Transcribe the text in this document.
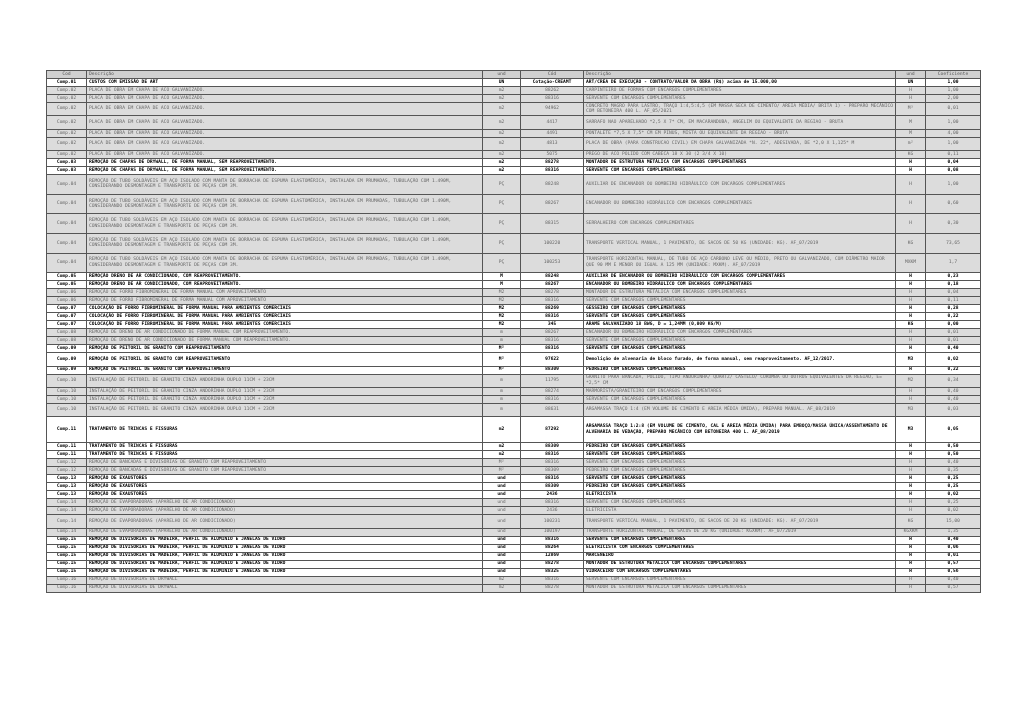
Cod	Descrição	und	Cód	Descrição	und	Coeficiente
Comp.01	CUSTOS COM EMISSÃO DE ART	UN	Cotação-CREAMT	ART/CREA DE EXECUÇÃO - CONTRATO/VALOR DA OBRA (R$) acima de 15.000,00	UN	1,00
Comp.02	PLACA DE OBRA EM CHAPA DE ACO GALVANIZADO.	m2	88262	CARPINTEIRO DE FORMAS COM ENCARGOS COMPLEMENTARES	H	1,00
Comp.02	PLACA DE OBRA EM CHAPA DE ACO GALVANIZADO.	m2	88316	SERVENTE COM ENCARGOS COMPLEMENTARES	H	2,00
Comp.02	PLACA DE OBRA EM CHAPA DE ACO GALVANIZADO.	m2	94962	CONCRETO MAGRO PARA LASTRO, TRAÇO 1:4,5:4,5 (EM MASSA SECA DE CIMENTO/ AREIA MÉDIA/ BRITA 1) - PREPARO MECÂNICO COM BETONEIRA 400 L. AF_05/2021	M³	0,01
Comp.02	PLACA DE OBRA EM CHAPA DE ACO GALVANIZADO.	m2	4417	SARRAFO NAO APARELHADO *2,5 X 7* CM, EM MACARANDUBA, ANGELIM OU EQUIVALENTE DA REGIAO - BRUTA	M	1,00
Comp.02	PLACA DE OBRA EM CHAPA DE ACO GALVANIZADO.	m2	4491	PONTALETE *7,5 X 7,5* CM EM PINUS, MISTA OU EQUIVALENTE DA REGIAO - BRUTA	M	4,00
Comp.02	PLACA DE OBRA EM CHAPA DE ACO GALVANIZADO.	m2	4813	PLACA DE OBRA (PARA CONSTRUCAO CIVIL) EM CHAPA GALVANIZADA *N. 22*, ADESIVADA, DE *2,0 X 1,125* M	m²	1,00
Comp.02	PLACA DE OBRA EM CHAPA DE ACO GALVANIZADO.	m2	5075	PREGO DE ACO POLIDO COM CABECA 18 X 30 (2 3/4 X 10)	KG	0,11
Comp.03	REMOÇÃO DE CHAPAS DE DRYWALL, DE FORMA MANUAL, SEM REAPROVEITAMENTO.	m2	88278	MONTADOR DE ESTRUTURA METÁLICA COM ENCARGOS COMPLEMENTARES	H	0,04
Comp.03	REMOÇÃO DE CHAPAS DE DRYWALL, DE FORMA MANUAL, SEM REAPROVEITAMENTO.	m2	88316	SERVENTE COM ENCARGOS COMPLEMENTARES	H	0,08
Comp.04	REMOÇÃO DE TUBO SOLDÁVEIS EM AÇO ISOLADO COM MANTA DE BORRACHA DE ESPUMA ELASTOMÉRICA, INSTALADA EM PRUMADAS, TUBULAÇÃO COM 1.490M, CONSIDERANDO DESMONTAGEM E TRANSPORTE DE PEÇAS COM 3M.	PÇ	88248	AUXILIAR DE ENCANADOR OU BOMBEIRO HIDRÁULICO COM ENCARGOS COMPLEMENTARES	H	1,00
Comp.04	REMOÇÃO DE TUBO SOLDÁVEIS EM AÇO ISOLADO COM MANTA DE BORRACHA DE ESPUMA ELASTOMÉRICA, INSTALADA EM PRUMADAS, TUBULAÇÃO COM 1.490M, CONSIDERANDO DESMONTAGEM E TRANSPORTE DE PEÇAS COM 3M.	PÇ	88267	ENCANADOR OU BOMBEIRO HIDRÁULICO COM ENCARGOS COMPLEMENTARES	H	0,60
Comp.04	REMOÇÃO DE TUBO SOLDÁVEIS EM AÇO ISOLADO COM MANTA DE BORRACHA DE ESPUMA ELASTOMÉRICA, INSTALADA EM PRUMADAS, TUBULAÇÃO COM 1.490M, CONSIDERANDO DESMONTAGEM E TRANSPORTE DE PEÇAS COM 3M.	PÇ	88315	SERRALHEIRO COM ENCARGOS COMPLEMENTARES	H	0,30
Comp.04	REMOÇÃO DE TUBO SOLDÁVEIS EM AÇO ISOLADO COM MANTA DE BORRACHA DE ESPUMA ELASTOMÉRICA, INSTALADA EM PRUMADAS, TUBULAÇÃO COM 1.490M, CONSIDERANDO DESMONTAGEM E TRANSPORTE DE PEÇAS COM 3M.	PÇ	100220	TRANSPORTE VERTICAL MANUAL, 1 PAVIMENTO, DE SACOS DE 50 KG (UNIDADE: KG). AF_07/2019	KG	73,65
Comp.04	REMOÇÃO DE TUBO SOLDÁVEIS EM AÇO ISOLADO COM MANTA DE BORRACHA DE ESPUMA ELASTOMÉRICA, INSTALADA EM PRUMADAS, TUBULAÇÃO COM 1.490M, CONSIDERANDO DESMONTAGEM E TRANSPORTE DE PEÇAS COM 3M.	PÇ	100253	TRANSPORTE HORIZONTAL MANUAL, DE TUBO DE AÇO CARBONO LEVE OU MÉDIO, PRETO OU GALVANIZADO, COM DIÂMETRO MAIOR QUE 90 MM E MENOR OU IGUAL A 125 MM (UNIDADE: MXKM). AF_07/2019	MXKM	1,7
Comp.05	REMOÇÃO DRENO DE AR CONDICIONADO, COM REAPROVEITAMENTO.	M	88248	AUXILIAR DE ENCANADOR OU BOMBEIRO HIDRÁULICO COM ENCARGOS COMPLEMENTARES	H	0,23
Comp.05	REMOÇÃO DRENO DE AR CONDICIONADO, COM REAPROVEITAMENTO.	M	88267	ENCANADOR OU BOMBEIRO HIDRÁULICO COM ENCARGOS COMPLEMENTARES	H	0,18
Comp.06	REMOÇÃO DE FORRO FIBROMINERAL DE FORMA MANUAL COM APROVEITAMENTO	M2	88278	MONTADOR DE ESTRUTURA METÁLICA COM ENCARGOS COMPLEMENTARES	H	0,04
Comp.06	REMOÇÃO DE FORRO FIBROMINERAL DE FORMA MANUAL COM APROVEITAMENTO	M2	88316	SERVENTE COM ENCARGOS COMPLEMENTARES	H	0,11
Comp.07	COLOCAÇÃO DE FORRO FIBROMINERAL DE FORMA MANUAL PARA AMBIENTES COMERCIAIS	M2	88269	GESSEIRO COM ENCARGOS COMPLEMENTARES	H	0,28
Comp.07	COLOCAÇÃO DE FORRO FIBROMINERAL DE FORMA MANUAL PARA AMBIENTES COMERCIAIS	M2	88316	SERVENTE COM ENCARGOS COMPLEMENTARES	H	0,22
Comp.07	COLOCAÇÃO DE FORRO FIBROMINERAL DE FORMA MANUAL PARA AMBIENTES COMERCIAIS	M2	345	ARAME GALVANIZADO 18 BWG, D = 1,24MM (0,009 KG/M)	KG	0,00
Comp.08	REMOÇÃO DE DRENO DE AR CONDICIONADO DE FORMA MANUAL COM REAPROVEITAMENTO.	m	88267	ENCANADOR OU BOMBEIRO HIDRÁULICO COM ENCARGOS COMPLEMENTARES	H	0,01
Comp.08	REMOÇÃO DE DRENO DE AR CONDICIONADO DE FORMA MANUAL COM REAPROVEITAMENTO.	m	88316	SERVENTE COM ENCARGOS COMPLEMENTARES	H	0,01
Comp.09	REMOÇÃO DE PEITORIL DE GRANITO COM REAPROVEITAMENTO	M²	88316	SERVENTE COM ENCARGOS COMPLEMENTARES	H	0,40
Comp.09	REMOÇÃO DE PEITORIL DE GRANITO COM REAPROVEITAMENTO	M²	97622	Demolição de alvenaria de bloco furado, de forma manual, sem reaproveitamento. AF_12/2017.	M3	0,02
Comp.09	REMOÇÃO DE PEITORIL DE GRANITO COM REAPROVEITAMENTO	M²	88309	PEDREIRO COM ENCARGOS COMPLEMENTARES	H	0,22
Comp.10	INSTALAÇÃO DE PEITORIL DE GRANITO CINZA ANDORINHA DUPLO 11CM + 23CM	m	11795	GRANITO PARA BANCADA, POLIDO, TIPO ANDORINHA/ QUARTZ/ CASTELO/ CORUMBA OU OUTROS EQUIVALENTES DA REGIAO, E= *2,5* CM	M2	0,34
Comp.10	INSTALAÇÃO DE PEITORIL DE GRANITO CINZA ANDORINHA DUPLO 11CM + 23CM	m	88274	MARMORISTA/GRANITEIRO COM ENCARGOS COMPLEMENTARES	H	0,40
Comp.10	INSTALAÇÃO DE PEITORIL DE GRANITO CINZA ANDORINHA DUPLO 11CM + 23CM	m	88316	SERVENTE COM ENCARGOS COMPLEMENTARES	H	0,40
Comp.10	INSTALAÇÃO DE PEITORIL DE GRANITO CINZA ANDORINHA DUPLO 11CM + 23CM	m	88631	ARGAMASSA TRAÇO 1:4 (EM VOLUME DE CIMENTO E AREIA MÉDIA ÚMIDA), PREPARO MANUAL. AF_08/2019	M3	0,03
Comp.11	TRATAMENTO DE TRINCAS E FISSURAS	m2	87292	ARGAMASSA TRAÇO 1:2:8 (EM VOLUME DE CIMENTO, CAL E AREIA MÉDIA ÚMIDA) PARA EMBOÇO/MASSA ÚNICA/ASSENTAMENTO DE ALVENARIA DE VEDAÇÃO, PREPARO MECÂNICO COM BETONEIRA 400 L. AF_08/2019	M3	0,05
Comp.11	TRATAMENTO DE TRINCAS E FISSURAS	m2	88309	PEDREIRO COM ENCARGOS COMPLEMENTARES	H	0,50
Comp.11	TRATAMENTO DE TRINCAS E FISSURAS	m2	88316	SERVENTE COM ENCARGOS COMPLEMENTARES	H	0,50
Comp.12	REMOÇÃO DE BANCADAS E DIVISÓRIAS DE GRANITO COM REAPROVEITAMENTO	M²	88316	SERVENTE COM ENCARGOS COMPLEMENTARES	H	0,40
Comp.12	REMOÇÃO DE BANCADAS E DIVISÓRIAS DE GRANITO COM REAPROVEITAMENTO	M²	88309	PEDREIRO COM ENCARGOS COMPLEMENTARES	H	0,35
Comp.13	REMOÇÃO DE EXAUSTORES	und	88316	SERVENTE COM ENCARGOS COMPLEMENTARES	H	0,25
Comp.13	REMOÇÃO DE EXAUSTORES	und	88309	PEDREIRO COM ENCARGOS COMPLEMENTARES	H	0,25
Comp.13	REMOÇÃO DE EXAUSTORES	und	2436	ELETRICISTA	H	0,02
Comp.14	REMOÇÃO DE EVAPORADORAS (APARELHO DE AR CONDICIONADO)	und	88316	SERVENTE COM ENCARGOS COMPLEMENTARES	H	0,25
Comp.14	REMOÇÃO DE EVAPORADORAS (APARELHO DE AR CONDICIONADO)	und	2436	ELETRICISTA	H	0,02
Comp.14	REMOÇÃO DE EVAPORADORAS (APARELHO DE AR CONDICIONADO)	und	100231	TRANSPORTE VERTICAL MANUAL, 1 PAVIMENTO, DE SACOS DE 20 KG (UNIDADE: KG). AF_07/2019	KG	15,00
Comp.14	REMOÇÃO DE EVAPORADORAS (APARELHO DE AR CONDICIONADO)	und	100197	TRANSPORTE HORIZONTAL MANUAL, DE SACOS DE 20 KG (UNIDADE: KGXKM). AF_07/2019	KGXKM	1,35
Comp.15	REMOÇÃO DE DIVISÓRIAS DE MADEIRA, PERFIL DE ALUMINIO E JANELAS DE VIDRO	und	88316	SERVENTE COM ENCARGOS COMPLEMENTARES	H	0,40
Comp.15	REMOÇÃO DE DIVISÓRIAS DE MADEIRA, PERFIL DE ALUMINIO E JANELAS DE VIDRO	und	88264	ELETRICISTA COM ENCARGOS COMPLEMENTARES	H	0,06
Comp.15	REMOÇÃO DE DIVISÓRIAS DE MADEIRA, PERFIL DE ALUMINIO E JANELAS DE VIDRO	und	12869	MARCENEIRO	H	0,01
Comp.15	REMOÇÃO DE DIVISÓRIAS DE MADEIRA, PERFIL DE ALUMINIO E JANELAS DE VIDRO	und	88278	MONTADOR DE ESTRUTURA METÁLICA COM ENCARGOS COMPLEMENTARES	H	0,57
Comp.15	REMOÇÃO DE DIVISÓRIAS DE MADEIRA, PERFIL DE ALUMINIO E JANELAS DE VIDRO	und	88325	VIDRACEIRO COM ENCARGOS COMPLEMENTARES	H	0,56
Comp.16	REMOÇÃO DE DIVISÓRIAS DE DRYWALL	m2	88316	SERVENTE COM ENCARGOS COMPLEMENTARES	H	0,40
Comp.16	REMOÇÃO DE DIVISÓRIAS DE DRYWALL	m2	88278	MONTADOR DE ESTRUTURA METÁLICA COM ENCARGOS COMPLEMENTARES	H	0,57
